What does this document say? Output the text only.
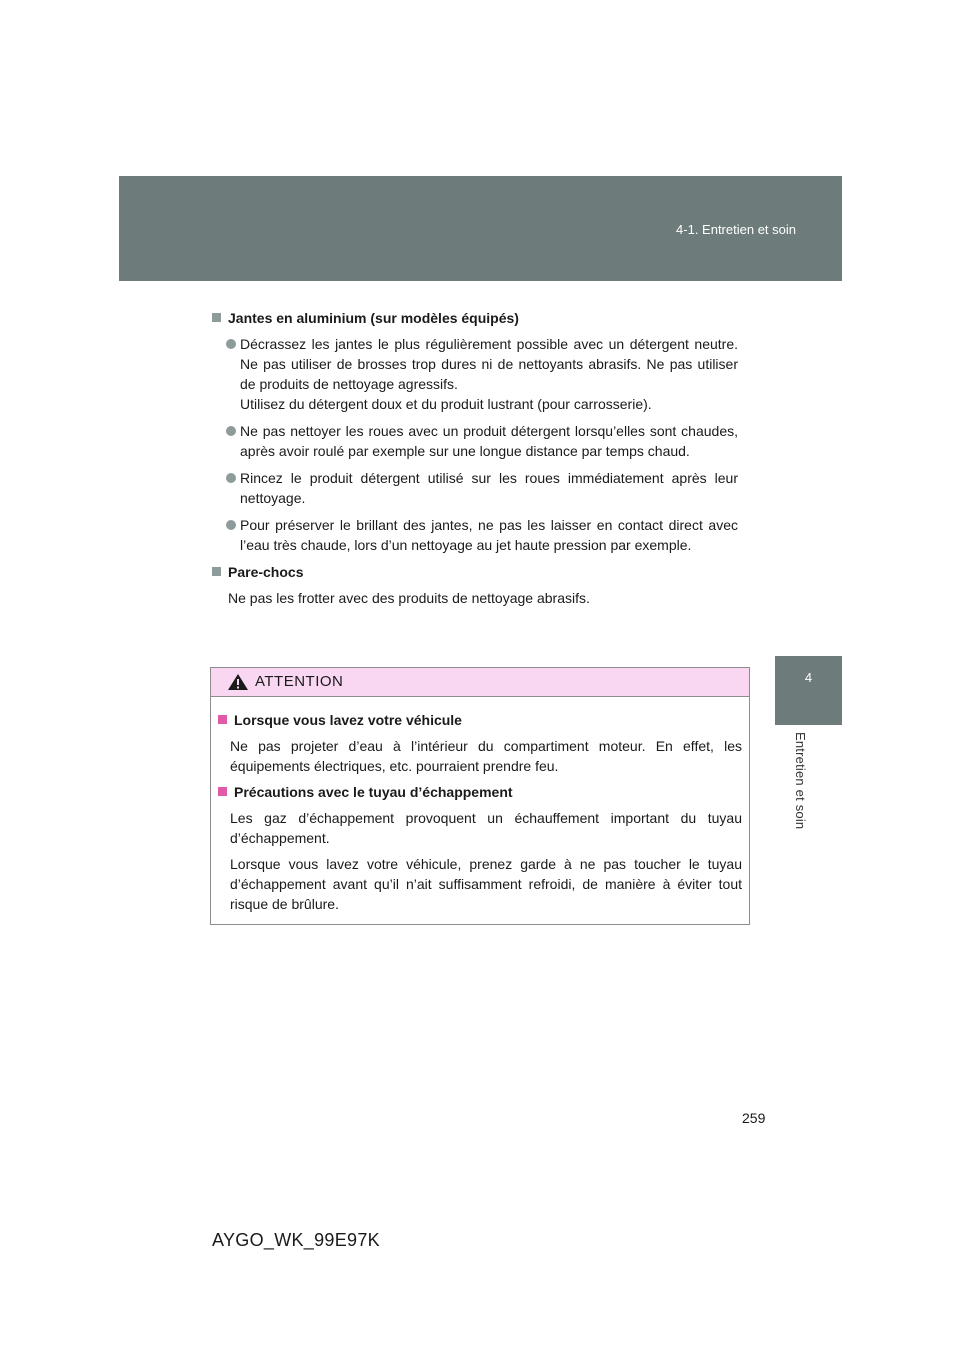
4-1. Entretien et soin
4
Entretien et soin
Jantes en aluminium (sur modèles équipés)
Décrassez les jantes le plus régulièrement possible avec un détergent neutre. Ne pas utiliser de brosses trop dures ni de nettoyants abrasifs. Ne pas utiliser de produits de nettoyage agressifs.
Utilisez du détergent doux et du produit lustrant (pour carrosserie).
Ne pas nettoyer les roues avec un produit détergent lorsqu’elles sont chaudes, après avoir roulé par exemple sur une longue distance par temps chaud.
Rincez le produit détergent utilisé sur les roues immédiatement après leur nettoyage.
Pour préserver le brillant des jantes, ne pas les laisser en contact direct avec l’eau très chaude, lors d’un nettoyage au jet haute pression par exemple.
Pare-chocs
Ne pas les frotter avec des produits de nettoyage abrasifs.
ATTENTION
Lorsque vous lavez votre véhicule
Ne pas projeter d’eau à l’intérieur du compartiment moteur. En effet, les équipements électriques, etc. pourraient prendre feu.
Précautions avec le tuyau d’échappement
Les gaz d’échappement provoquent un échauffement important du tuyau d’échappement.
Lorsque vous lavez votre véhicule, prenez garde à ne pas toucher le tuyau d’échappement avant qu’il n’ait suffisamment refroidi, de manière à éviter tout risque de brûlure.
259
AYGO_WK_99E97K
